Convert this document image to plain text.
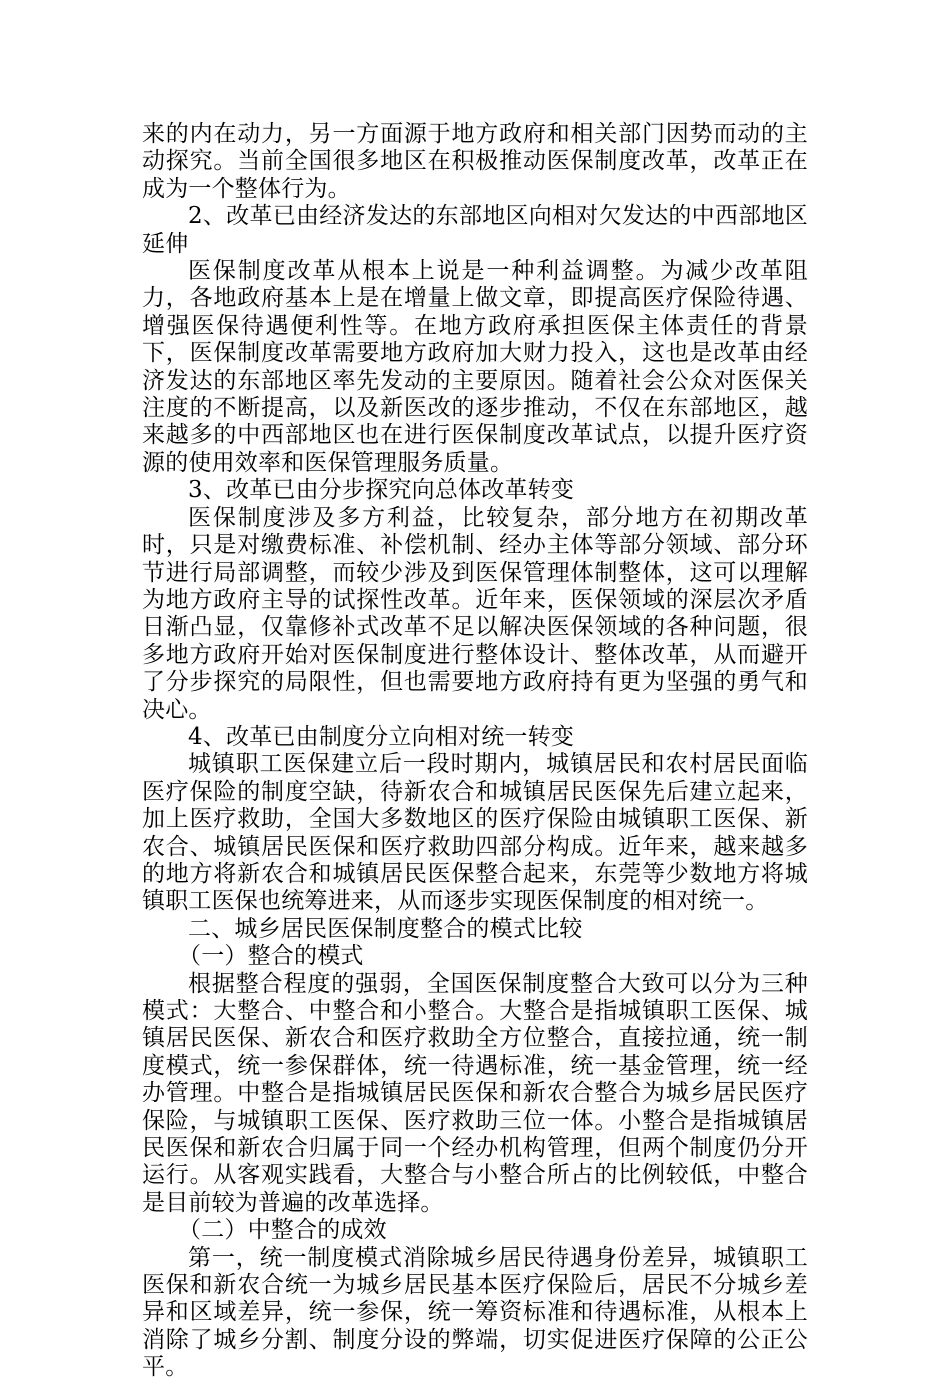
来的内在动力，另一方面源于地方政府和相关部门因势而动的主动探究。当前全国很多地区在积极推动医保制度改革，改革正在成为一个整体行为。

2、改革已由经济发达的东部地区向相对欠发达的中西部地区延伸

医保制度改革从根本上说是一种利益调整。为减少改革阻力，各地政府基本上是在增量上做文章，即提高医疗保险待遇、增强医保待遇便利性等。在地方政府承担医保主体责任的背景下，医保制度改革需要地方政府加大财力投入，这也是改革由经济发达的东部地区率先发动的主要原因。随着社会公众对医保关注度的不断提高，以及新医改的逐步推动，不仅在东部地区，越来越多的中西部地区也在进行医保制度改革试点，以提升医疗资源的使用效率和医保管理服务质量。

3、改革已由分步探究向总体改革转变

医保制度涉及多方利益，比较复杂，部分地方在初期改革时，只是对缴费标准、补偿机制、经办主体等部分领域、部分环节进行局部调整，而较少涉及到医保管理体制整体，这可以理解为地方政府主导的试探性改革。近年来，医保领域的深层次矛盾日渐凸显，仅靠修补式改革不足以解决医保领域的各种问题，很多地方政府开始对医保制度进行整体设计、整体改革，从而避开了分步探究的局限性，但也需要地方政府持有更为坚强的勇气和决心。

4、改革已由制度分立向相对统一转变

城镇职工医保建立后一段时期内，城镇居民和农村居民面临医疗保险的制度空缺，待新农合和城镇居民医保先后建立起来，加上医疗救助，全国大多数地区的医疗保险由城镇职工医保、新农合、城镇居民医保和医疗救助四部分构成。近年来，越来越多的地方将新农合和城镇居民医保整合起来，东莞等少数地方将城镇职工医保也统筹进来，从而逐步实现医保制度的相对统一。

二、城乡居民医保制度整合的模式比较

（一）整合的模式

根据整合程度的强弱，全国医保制度整合大致可以分为三种模式：大整合、中整合和小整合。大整合是指城镇职工医保、城镇居民医保、新农合和医疗救助全方位整合，直接拉通，统一制度模式，统一参保群体，统一待遇标准，统一基金管理，统一经办管理。中整合是指城镇居民医保和新农合整合为城乡居民医疗保险，与城镇职工医保、医疗救助三位一体。小整合是指城镇居民医保和新农合归属于同一个经办机构管理，但两个制度仍分开运行。从客观实践看，大整合与小整合所占的比例较低，中整合是目前较为普遍的改革选择。

（二）中整合的成效

第一，统一制度模式消除城乡居民待遇身份差异，城镇职工医保和新农合统一为城乡居民基本医疗保险后，居民不分城乡差异和区域差异，统一参保，统一筹资标准和待遇标准，从根本上消除了城乡分割、制度分设的弊端，切实促进医疗保障的公正公平。
